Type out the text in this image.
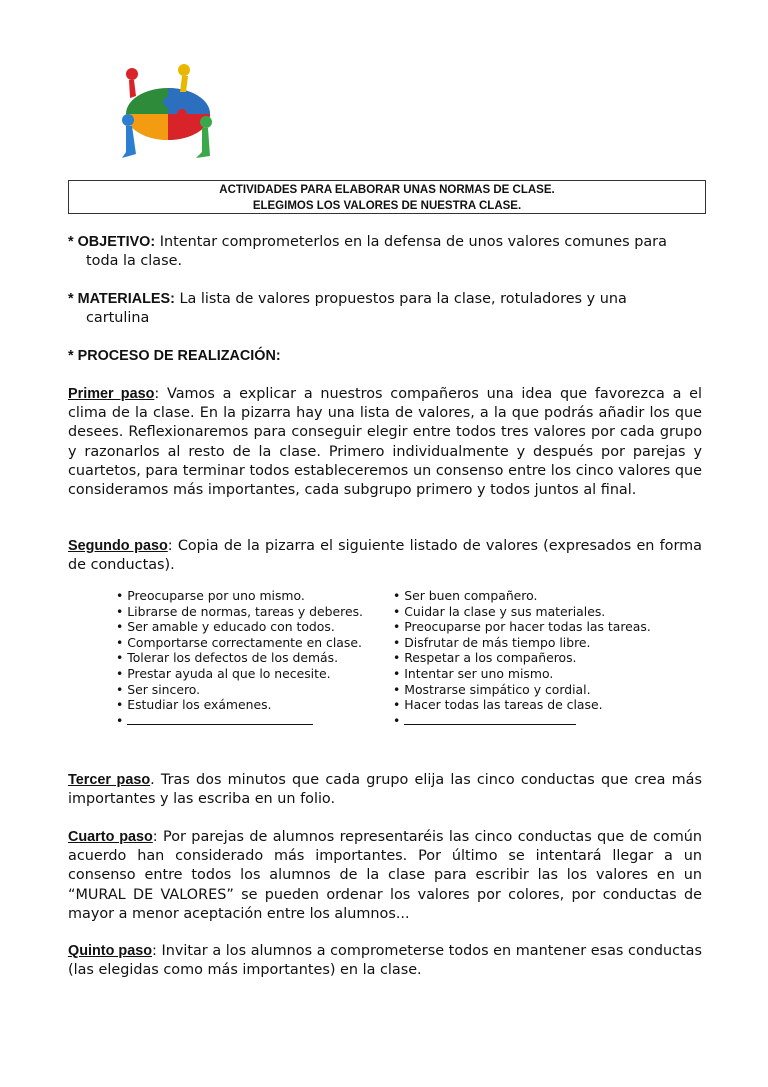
ACTIVIDADES PARA ELABORAR UNAS NORMAS DE CLASE.
ELEGIMOS LOS VALORES DE NUESTRA CLASE.
* OBJETIVO: Intentar comprometerlos en la defensa de unos valores comunes para
toda la clase.
* MATERIALES: La lista de valores propuestos para la clase, rotuladores y una
cartulina
* PROCESO DE REALIZACIÓN:
Primer paso: Vamos a explicar a nuestros compañeros una idea que favorezca a el clima de la clase. En la pizarra hay una lista de valores, a la que podrás añadir los que desees. Reflexionaremos para conseguir elegir entre todos tres valores por cada grupo y razonarlos al resto de la clase. Primero individualmente y después por parejas y cuartetos, para terminar todos estableceremos un consenso entre los cinco valores que consideramos más importantes, cada subgrupo primero y todos juntos al final.
Segundo paso: Copia de la pizarra el siguiente listado de valores (expresados en forma de conductas).
• Preocuparse por uno mismo.
• Librarse de normas, tareas y deberes.
• Ser amable y educado con todos.
• Comportarse correctamente en clase.
• Tolerar los defectos de los demás.
• Prestar ayuda al que lo necesite.
• Ser sincero.
• Estudiar los exámenes.
•
• Ser buen compañero.
• Cuidar la clase y sus materiales.
• Preocuparse por hacer todas las tareas.
• Disfrutar de más tiempo libre.
• Respetar a los compañeros.
• Intentar ser uno mismo.
• Mostrarse simpático y cordial.
• Hacer todas las tareas de clase.
•
Tercer paso. Tras dos minutos que cada grupo elija las cinco conductas que crea más importantes y las escriba en un folio.
Cuarto paso: Por parejas de alumnos representaréis las cinco conductas que de común acuerdo han considerado más importantes. Por último se intentará llegar a un consenso entre todos los alumnos de la clase para escribir las los valores en un “MURAL DE VALORES” se pueden ordenar los valores por colores, por conductas de mayor a menor aceptación entre los alumnos...
Quinto paso: Invitar a los alumnos a comprometerse todos en mantener esas conductas (las elegidas como más importantes) en la clase.
